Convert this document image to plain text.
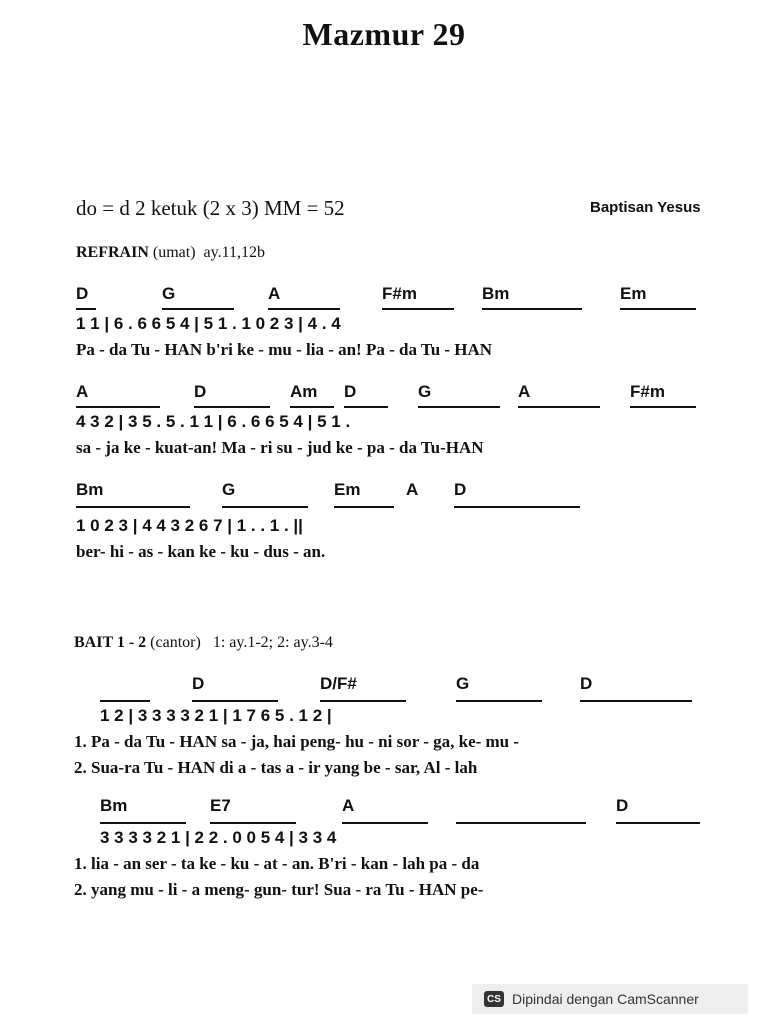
Mazmur 29
do = d 2 ketuk (2 x 3) MM = 52	Baptisan Yesus
REFRAIN (umat) ay.11,12b
D	G	A	F#m	Bm	Em
1 1 | 6 . 6 6 5 4 | 5 1 . 1 0 2 3 | 4 . 4
Pa - da Tu - HAN b'ri ke - mu - lia - an! Pa - da Tu - HAN
A	D	Am D	G	A	F#m
4 3 2 | 3 5 . 5 . 1 1 | 6 . 6 6 5 4 | 5 1 .
sa - ja ke - kuat-an! Ma - ri su - jud ke - pa - da Tu-HAN
Bm	G	Em	A D
1 0 2 3 | 4 4 3 2 6 7 | 1 . . 1 . ||
ber- hi - as - kan ke - ku - dus - an.
BAIT 1 - 2 (cantor) 1: ay.1-2; 2: ay.3-4
D	D/F#	G	D
1 2 | 3 3 3 3 2 1 | 1 7 6 5 . 1 2 |
1. Pa - da Tu - HAN sa - ja, hai peng- hu - ni sor - ga, ke- mu -
2. Sua-ra Tu - HAN di a - tas a - ir yang be - sar, Al - lah
Bm	E7	A	D
3 3 3 3 2 1 | 2 2 . 0 0 5 4 | 3 3 4
1. lia - an ser - ta ke - ku - at - an. B'ri - kan - lah pa - da
2. yang mu - li - a meng- gun- tur! Sua - ra Tu - HAN pe-
CS Dipindai dengan CamScanner
